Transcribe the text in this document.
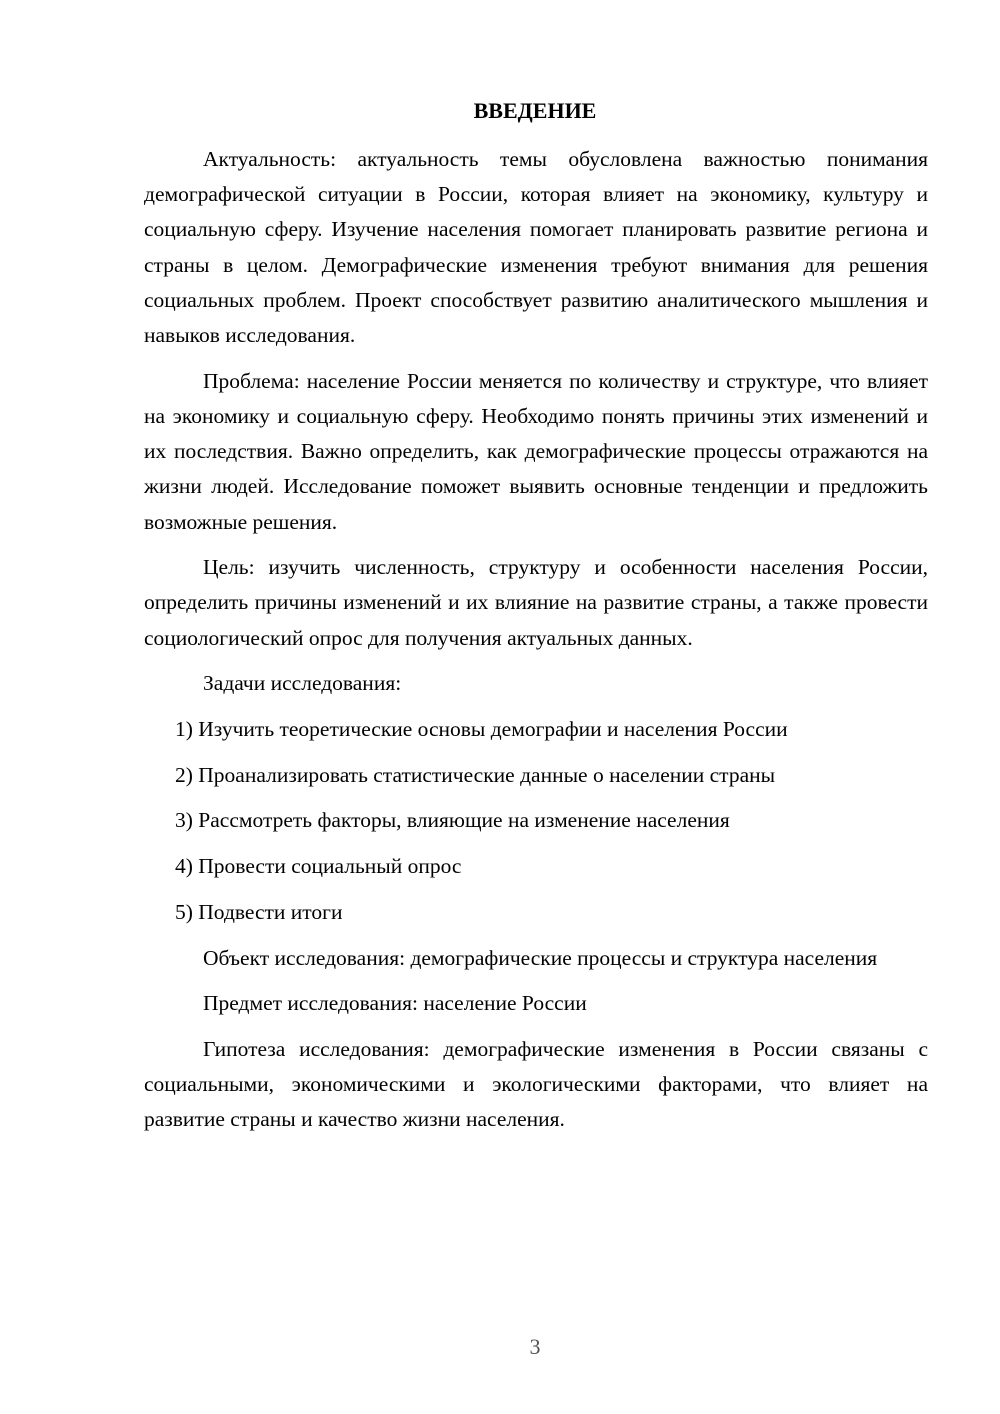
ВВЕДЕНИЕ

Актуальность: актуальность темы обусловлена важностью понимания демографической ситуации в России, которая влияет на экономику, культуру и социальную сферу. Изучение населения помогает планировать развитие региона и страны в целом. Демографические изменения требуют внимания для решения социальных проблем. Проект способствует развитию аналитического мышления и навыков исследования.

Проблема: население России меняется по количеству и структуре, что влияет на экономику и социальную сферу. Необходимо понять причины этих изменений и их последствия. Важно определить, как демографические процессы отражаются на жизни людей. Исследование поможет выявить основные тенденции и предложить возможные решения.

Цель: изучить численность, структуру и особенности населения России, определить причины изменений и их влияние на развитие страны, а также провести социологический опрос для получения актуальных данных.

Задачи исследования:

1) Изучить теоретические основы демографии и населения России

2) Проанализировать статистические данные о населении страны

3) Рассмотреть факторы, влияющие на изменение населения

4) Провести социальный опрос

5) Подвести итоги

Объект исследования: демографические процессы и структура населения

Предмет исследования: население России

Гипотеза исследования: демографические изменения в России связаны с социальными, экономическими и экологическими факторами, что влияет на развитие страны и качество жизни населения.

3
